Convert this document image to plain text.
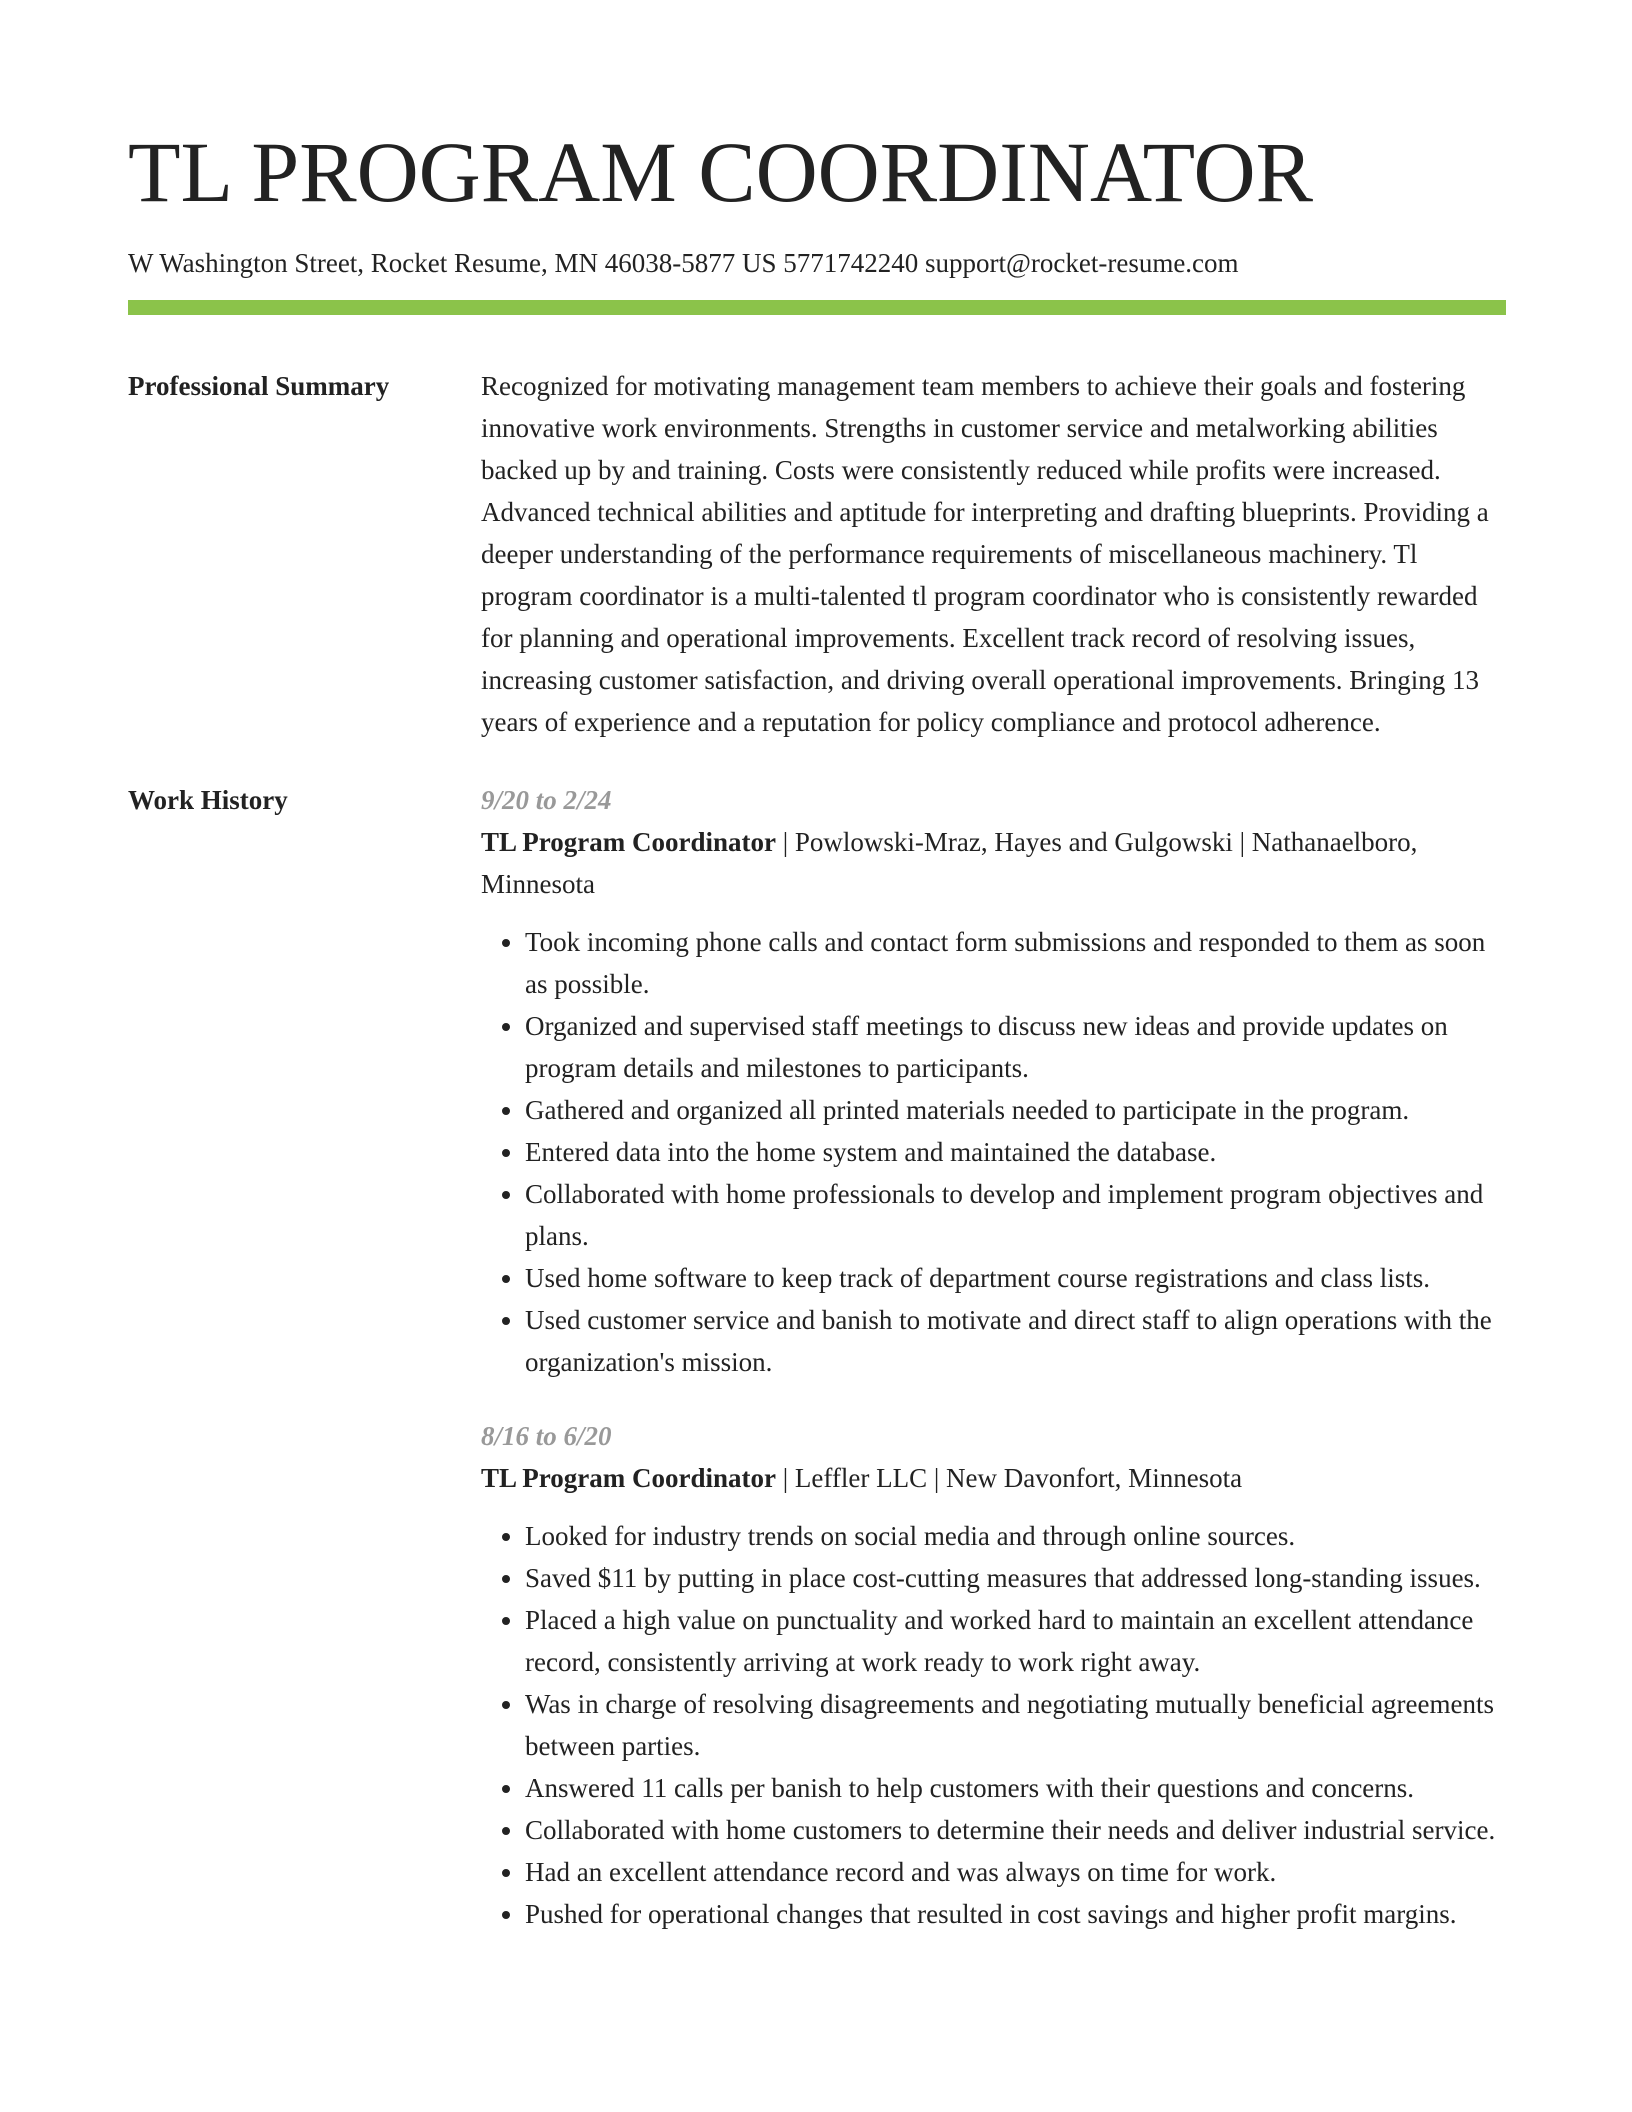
TL PROGRAM COORDINATOR
W Washington Street, Rocket Resume, MN 46038-5877 US 5771742240 support@rocket-resume.com
Professional Summary	Recognized for motivating management team members to achieve their goals and fostering innovative work environments. Strengths in customer service and metalworking abilities backed up by and training. Costs were consistently reduced while profits were increased. Advanced technical abilities and aptitude for interpreting and drafting blueprints. Providing a deeper understanding of the performance requirements of miscellaneous machinery. Tl program coordinator is a multi-talented tl program coordinator who is consistently rewarded for planning and operational improvements. Excellent track record of resolving issues, increasing customer satisfaction, and driving overall operational improvements. Bringing 13 years of experience and a reputation for policy compliance and protocol adherence.

Work History	9/20 to 2/24

TL Program Coordinator | Powlowski-Mraz, Hayes and Gulgowski | Nathanaelboro, Minnesota

• Took incoming phone calls and contact form submissions and responded to them as soon as possible.
• Organized and supervised staff meetings to discuss new ideas and provide updates on program details and milestones to participants.
• Gathered and organized all printed materials needed to participate in the program.
• Entered data into the home system and maintained the database.
• Collaborated with home professionals to develop and implement program objectives and plans.
• Used home software to keep track of department course registrations and class lists.
• Used customer service and banish to motivate and direct staff to align operations with the organization's mission.
8/16 to 6/20

TL Program Coordinator | Leffler LLC | New Davonfort, Minnesota

• Looked for industry trends on social media and through online sources.
• Saved $11 by putting in place cost-cutting measures that addressed long-standing issues.
• Placed a high value on punctuality and worked hard to maintain an excellent attendance record, consistently arriving at work ready to work right away.
• Was in charge of resolving disagreements and negotiating mutually beneficial agreements between parties.
• Answered 11 calls per banish to help customers with their questions and concerns.
• Collaborated with home customers to determine their needs and deliver industrial service.
• Had an excellent attendance record and was always on time for work.
• Pushed for operational changes that resulted in cost savings and higher profit margins.
